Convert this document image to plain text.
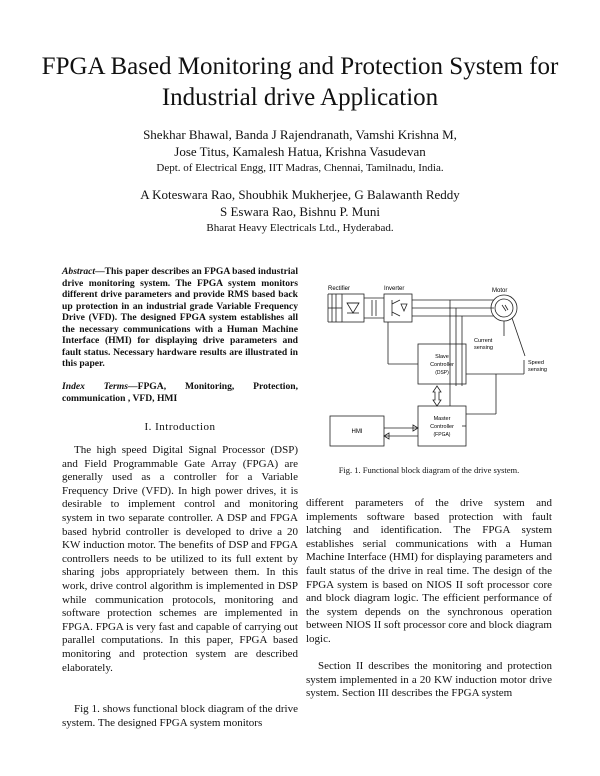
FPGA Based Monitoring and Protection System for
Industrial drive Application
Shekhar Bhawal, Banda J Rajendranath, Vamshi Krishna M,
Jose Titus, Kamalesh Hatua, Krishna Vasudevan
Dept. of Electrical Engg, IIT Madras, Chennai, Tamilnadu, India.
A Koteswara Rao, Shoubhik Mukherjee, G Balawanth Reddy
S Eswara Rao, Bishnu P. Muni
Bharat Heavy Electricals Ltd., Hyderabad.
Abstract—This paper describes an FPGA based industrial drive monitoring system. The FPGA system monitors different drive parameters and provide RMS based back up protection in an industrial grade Variable Frequency Drive (VFD). The designed FPGA system establishes all the necessary communications with a Human Machine Interface (HMI) for displaying drive parameters and fault status. Necessary hardware results are illustrated in this paper.
Index Terms—FPGA, Monitoring, Protection, communication , VFD, HMI
I. Introduction
The high speed Digital Signal Processor (DSP) and Field Programmable Gate Array (FPGA) are generally used as a controller for a Variable Frequency Drive (VFD). In high power drives, it is desirable to implement control and monitoring system in two separate controller. A DSP and FPGA based hybrid controller is developed to drive a 20 KW induction motor. The benefits of DSP and FPGA controllers needs to be utilized to its full extent by sharing jobs appropriately between them. In this work, drive control algorithm is implemented in DSP while communication protocols, monitoring and software protection schemes are implemented in FPGA. FPGA is very fast and capable of carrying out parallel computations. In this paper, FPGA based monitoring and protection system are described elaborately.
Fig 1. shows functional block diagram of the drive system. The designed FPGA system monitors
different parameters of the drive system and implements software based protection with fault latching and identification. The FPGA system establishes serial communications with a Human Machine Interface (HMI) for displaying parameters and fault status of the drive in real time. The design of the FPGA system is based on NIOS II soft processor core and block diagram logic. The efficient performance of the system depends on the synchronous operation between NIOS II soft processor core and block diagram logic.
Section II describes the monitoring and protection system implemented in a 20 KW induction motor drive system. Section III describes the FPGA system
Rectifier	Inverter	Motor
Current
sensing
Speed
sensing
Slave
Controller
(DSP)
Master
Controller
(FPGA)
HMI
Fig. 1. Functional block diagram of the drive system.
